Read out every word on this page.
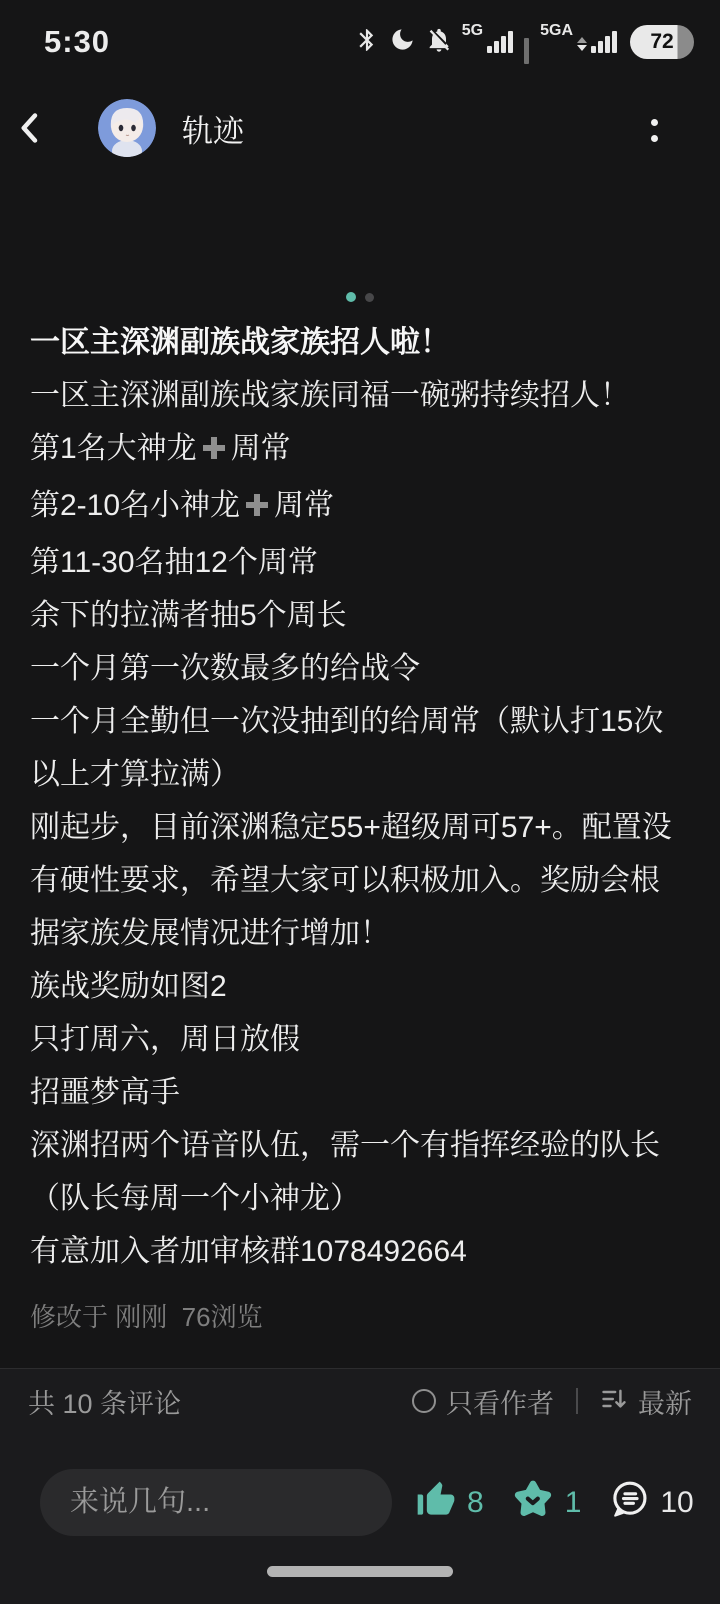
5:30	5G	5GA	72
轨迹

一区主深渊副族战家族招人啦！

一区主深渊副族战家族同福一碗粥持续招人！

第1名大神龙 周常

第2-10名小神龙 周常

第11-30名抽12个周常

余下的拉满者抽5个周长

一个月第一次数最多的给战令

一个月全勤但一次没抽到的给周常（默认打15次以上才算拉满）

刚起步，目前深渊稳定55+超级周可57+。配置没有硬性要求，希望大家可以积极加入。奖励会根据家族发展情况进行增加！

族战奖励如图2

只打周六，周日放假

招噩梦高手

深渊招两个语音队伍，需一个有指挥经验的队长

（队长每周一个小神龙）

有意加入者加审核群1078492664

修改于 刚刚  76浏览
共 10 条评论	只看作者	最新
来说几句...
8	1	10
